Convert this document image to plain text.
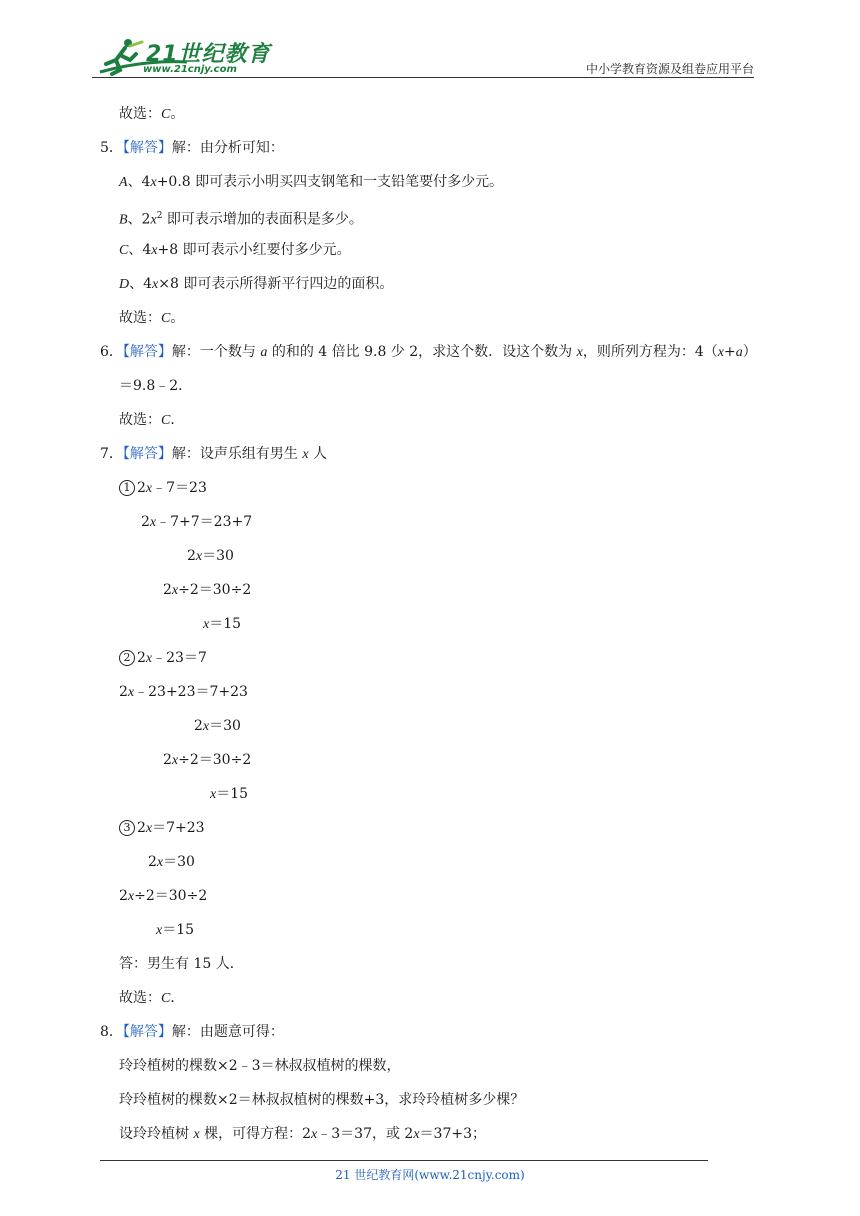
21世纪教育
www.21cnjy.com	中小学教育资源及组卷应用平台
故选：C。
5．【解答】解：由分析可知：
A、4x+0.8 即可表示小明买四支钢笔和一支铅笔要付多少元。
B、$2x^2$ 即可表示增加的表面积是多少。
C、4x+8 即可表示小红要付多少元。
D、4x×8 即可表示所得新平行四边的面积。
故选：C。
6．【解答】解：一个数与 a 的和的 4 倍比 9.8 少 2，求这个数．设这个数为 x，则所列方程为：4（x+a）
＝9.8﹣2．
故选：C．
7．【解答】解：设声乐组有男生 x 人
1 2x﹣7＝23
2x﹣7+7＝23+7
2x＝30
2x÷2＝30÷2
x＝15
2 2x﹣23＝7
2x﹣23+23＝7+23
2x＝30
2x÷2＝30÷2
x＝15
3 2x＝7+23
2x＝30
2x÷2＝30÷2
x＝15
答：男生有 15 人．
故选：C．
8．【解答】解：由题意可得：
玲玲植树的棵数×2﹣3＝林叔叔植树的棵数，
玲玲植树的棵数×2＝林叔叔植树的棵数+3，求玲玲植树多少棵？
设玲玲植树 x 棵，可得方程：2x﹣3＝37，或 2x＝37+3；
21 世纪教育网(www.21cnjy.com)
